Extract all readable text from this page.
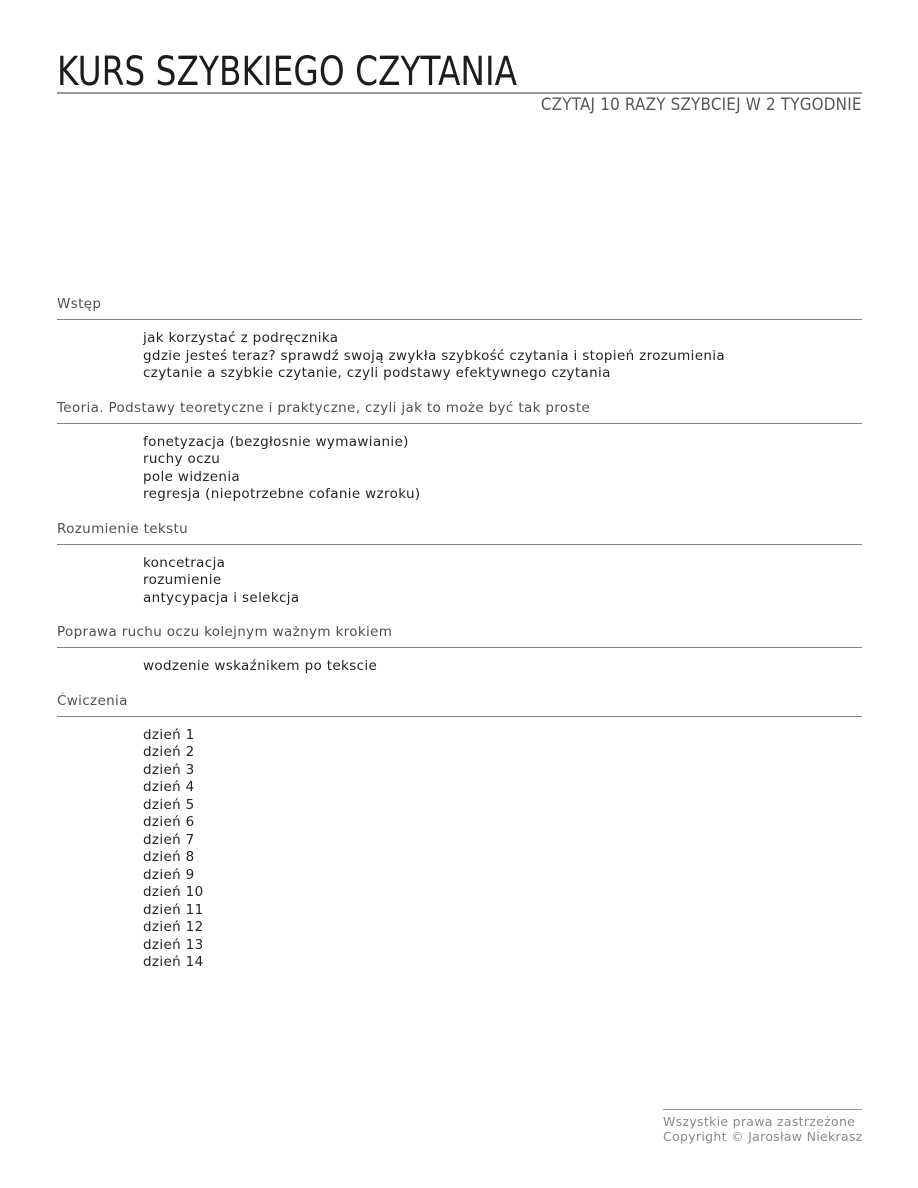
KURS SZYBKIEGO CZYTANIA
CZYTAJ 10 RAZY SZYBCIEJ W 2 TYGODNIE
Wstęp
jak korzystać z podręcznika
gdzie jesteś teraz? sprawdź swoją zwykła szybkość czytania i stopień zrozumienia
czytanie a szybkie czytanie, czyli podstawy efektywnego czytania
Teoria. Podstawy teoretyczne i praktyczne, czyli jak to może być tak proste
fonetyzacja (bezgłosnie wymawianie)
ruchy oczu
pole widzenia
regresja (niepotrzebne cofanie wzroku)
Rozumienie tekstu
koncetracja
rozumienie
antycypacja i selekcja
Poprawa ruchu oczu kolejnym ważnym krokiem
wodzenie wskaźnikem po tekscie
Ćwiczenia
dzień 1
dzień 2
dzień 3
dzień 4
dzień 5
dzień 6
dzień 7
dzień 8
dzień 9
dzień 10
dzień 11
dzień 12
dzień 13
dzień 14
Wszystkie prawa zastrzeżone
Copyright © Jarosław Niekrasz
